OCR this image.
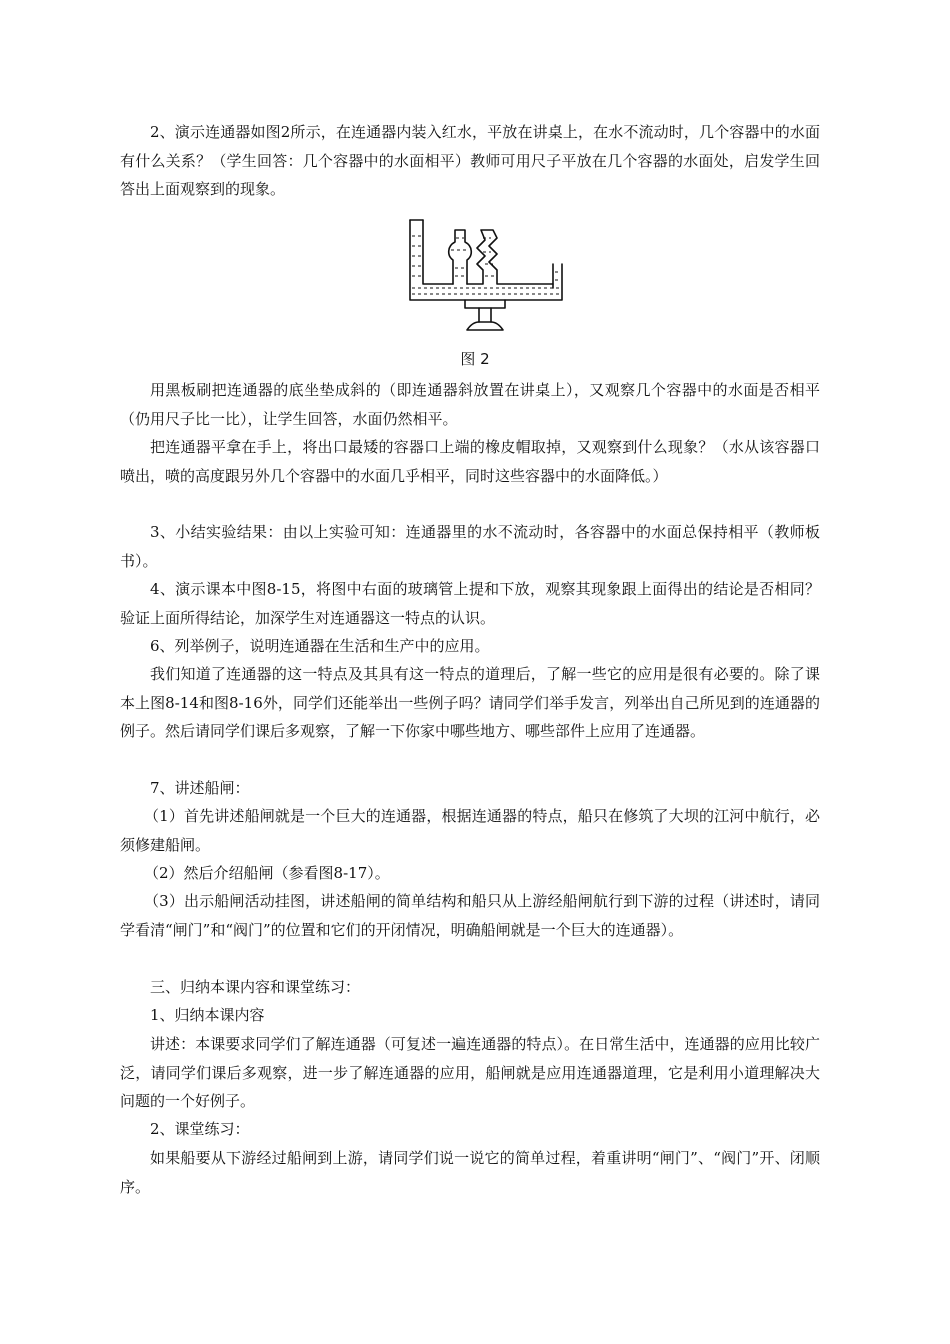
2、演示连通器如图2所示，在连通器内装入红水，平放在讲桌上，在水不流动时，几个容器中的水面有什么关系？（学生回答：几个容器中的水面相平）教师可用尺子平放在几个容器的水面处，启发学生回答出上面观察到的现象。

图 2

用黑板刷把连通器的底坐垫成斜的（即连通器斜放置在讲桌上），又观察几个容器中的水面是否相平（仍用尺子比一比），让学生回答，水面仍然相平。

把连通器平拿在手上，将出口最矮的容器口上端的橡皮帽取掉，又观察到什么现象？（水从该容器口喷出，喷的高度跟另外几个容器中的水面几乎相平，同时这些容器中的水面降低。）

3、小结实验结果：由以上实验可知：连通器里的水不流动时，各容器中的水面总保持相平（教师板书）。

4、演示课本中图8-15，将图中右面的玻璃管上提和下放，观察其现象跟上面得出的结论是否相同？验证上面所得结论，加深学生对连通器这一特点的认识。

6、列举例子，说明连通器在生活和生产中的应用。

我们知道了连通器的这一特点及其具有这一特点的道理后，了解一些它的应用是很有必要的。除了课本上图8-14和图8-16外，同学们还能举出一些例子吗？请同学们举手发言，列举出自己所见到的连通器的例子。然后请同学们课后多观察，了解一下你家中哪些地方、哪些部件上应用了连通器。

7、讲述船闸：

（1）首先讲述船闸就是一个巨大的连通器，根据连通器的特点，船只在修筑了大坝的江河中航行，必须修建船闸。

（2）然后介绍船闸（参看图8-17）。

（3）出示船闸活动挂图，讲述船闸的简单结构和船只从上游经船闸航行到下游的过程（讲述时，请同学看清“闸门”和“阀门”的位置和它们的开闭情况，明确船闸就是一个巨大的连通器）。

三、归纳本课内容和课堂练习：

1、归纳本课内容

讲述：本课要求同学们了解连通器（可复述一遍连通器的特点）。在日常生活中，连通器的应用比较广泛，请同学们课后多观察，进一步了解连通器的应用，船闸就是应用连通器道理，它是利用小道理解决大问题的一个好例子。

2、课堂练习：

如果船要从下游经过船闸到上游，请同学们说一说它的简单过程，着重讲明“闸门”、“阀门”开、闭顺序。
